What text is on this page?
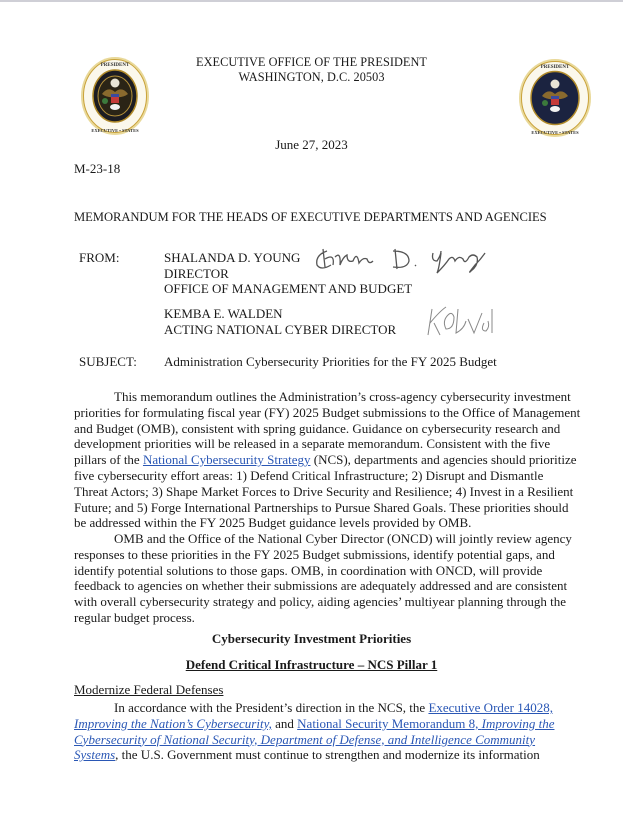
PRESIDENT
EXECUTIVE • STATES
PRESIDENT
EXECUTIVE • STATES
EXECUTIVE OFFICE OF THE PRESIDENT
WASHINGTON, D.C. 20503
June 27, 2023
M-23-18
MEMORANDUM FOR THE HEADS OF EXECUTIVE DEPARTMENTS AND AGENCIES
FROM:	SHALANDA D. YOUNG
DIRECTOR
OFFICE OF MANAGEMENT AND BUDGET
KEMBA E. WALDEN
ACTING NATIONAL CYBER DIRECTOR
SUBJECT: Administration Cybersecurity Priorities for the FY 2025 Budget
This memorandum outlines the Administration’s cross-agency cybersecurity investment
priorities for formulating fiscal year (FY) 2025 Budget submissions to the Office of Management
and Budget (OMB), consistent with spring guidance. Guidance on cybersecurity research and
development priorities will be released in a separate memorandum. Consistent with the five
pillars of the National Cybersecurity Strategy (NCS), departments and agencies should prioritize
five cybersecurity effort areas: 1) Defend Critical Infrastructure; 2) Disrupt and Dismantle
Threat Actors; 3) Shape Market Forces to Drive Security and Resilience; 4) Invest in a Resilient
Future; and 5) Forge International Partnerships to Pursue Shared Goals. These priorities should
be addressed within the FY 2025 Budget guidance levels provided by OMB.
OMB and the Office of the National Cyber Director (ONCD) will jointly review agency
responses to these priorities in the FY 2025 Budget submissions, identify potential gaps, and
identify potential solutions to those gaps. OMB, in coordination with ONCD, will provide
feedback to agencies on whether their submissions are adequately addressed and are consistent
with overall cybersecurity strategy and policy, aiding agencies’ multiyear planning through the
regular budget process.
Cybersecurity Investment Priorities
Defend Critical Infrastructure – NCS Pillar 1
Modernize Federal Defenses
In accordance with the President’s direction in the NCS, the Executive Order 14028,
Improving the Nation’s Cybersecurity, and National Security Memorandum 8, Improving the
Cybersecurity of National Security, Department of Defense, and Intelligence Community
Systems, the U.S. Government must continue to strengthen and modernize its information
